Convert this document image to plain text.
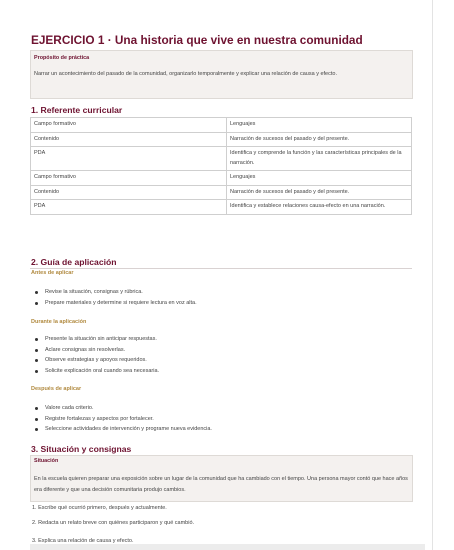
EJERCICIO 1 · Una historia que vive en nuestra comunidad
Propósito de práctica
Narrar un acontecimiento del pasado de la comunidad, organizarlo temporalmente y explicar una relación de causa y efecto.
1. Referente curricular
Campo formativo	Lenguajes
Contenido	Narración de sucesos del pasado y del presente.
PDA	Identifica y comprende la función y las características principales de la narración.
Campo formativo	Lenguajes
Contenido	Narración de sucesos del pasado y del presente.
PDA	Identifica y establece relaciones causa-efecto en una narración.
2. Guía de aplicación
Antes de aplicar
Revise la situación, consignas y rúbrica.
Prepare materiales y determine si requiere lectura en voz alta.
Durante la aplicación
Presente la situación sin anticipar respuestas.
Aclare consignas sin resolverlas.
Observe estrategias y apoyos requeridos.
Solicite explicación oral cuando sea necesaria.
Después de aplicar
Valore cada criterio.
Registre fortalezas y aspectos por fortalecer.
Seleccione actividades de intervención y programe nueva evidencia.
3. Situación y consignas
Situación
En la escuela quieren preparar una exposición sobre un lugar de la comunidad que ha cambiado con el tiempo. Una persona mayor contó que hace años era diferente y que una decisión comunitaria produjo cambios.
1. Escribe qué ocurrió primero, después y actualmente.
2. Redacta un relato breve con quiénes participaron y qué cambió.
3. Explica una relación de causa y efecto.
